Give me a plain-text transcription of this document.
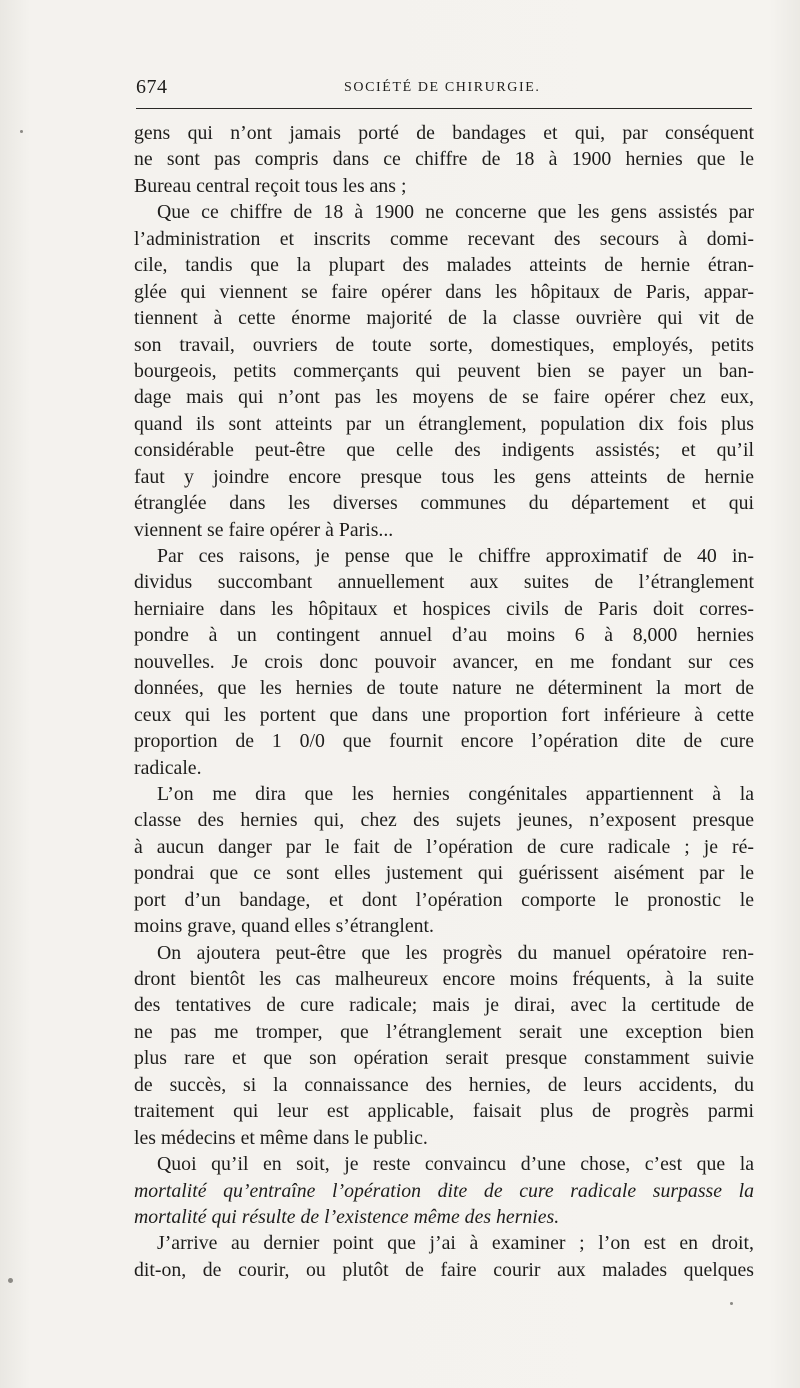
674	SOCIÉTÉ DE CHIRURGIE.
gens qui n’ont jamais porté de bandages et qui, par conséquent
ne sont pas compris dans ce chiffre de 18 à 1900 hernies que le
Bureau central reçoit tous les ans ;
Que ce chiffre de 18 à 1900 ne concerne que les gens assistés par
l’administration et inscrits comme recevant des secours à domi-
cile, tandis que la plupart des malades atteints de hernie étran-
glée qui viennent se faire opérer dans les hôpitaux de Paris, appar-
tiennent à cette énorme majorité de la classe ouvrière qui vit de
son travail, ouvriers de toute sorte, domestiques, employés, petits
bourgeois, petits commerçants qui peuvent bien se payer un ban-
dage mais qui n’ont pas les moyens de se faire opérer chez eux,
quand ils sont atteints par un étranglement, population dix fois plus
considérable peut-être que celle des indigents assistés; et qu’il
faut y joindre encore presque tous les gens atteints de hernie
étranglée dans les diverses communes du département et qui
viennent se faire opérer à Paris...
Par ces raisons, je pense que le chiffre approximatif de 40 in-
dividus succombant annuellement aux suites de l’étranglement
herniaire dans les hôpitaux et hospices civils de Paris doit corres-
pondre à un contingent annuel d’au moins 6 à 8,000 hernies
nouvelles. Je crois donc pouvoir avancer, en me fondant sur ces
données, que les hernies de toute nature ne déterminent la mort de
ceux qui les portent que dans une proportion fort inférieure à cette
proportion de 1 0/0 que fournit encore l’opération dite de cure
radicale.
L’on me dira que les hernies congénitales appartiennent à la
classe des hernies qui, chez des sujets jeunes, n’exposent presque
à aucun danger par le fait de l’opération de cure radicale ; je ré-
pondrai que ce sont elles justement qui guérissent aisément par le
port d’un bandage, et dont l’opération comporte le pronostic le
moins grave, quand elles s’étranglent.
On ajoutera peut-être que les progrès du manuel opératoire ren-
dront bientôt les cas malheureux encore moins fréquents, à la suite
des tentatives de cure radicale; mais je dirai, avec la certitude de
ne pas me tromper, que l’étranglement serait une exception bien
plus rare et que son opération serait presque constamment suivie
de succès, si la connaissance des hernies, de leurs accidents, du
traitement qui leur est applicable, faisait plus de progrès parmi
les médecins et même dans le public.
Quoi qu’il en soit, je reste convaincu d’une chose, c’est que la
mortalité qu’entraîne l’opération dite de cure radicale surpasse la
mortalité qui résulte de l’existence même des hernies.
J’arrive au dernier point que j’ai à examiner ; l’on est en droit,
dit-on, de courir, ou plutôt de faire courir aux malades quelques
